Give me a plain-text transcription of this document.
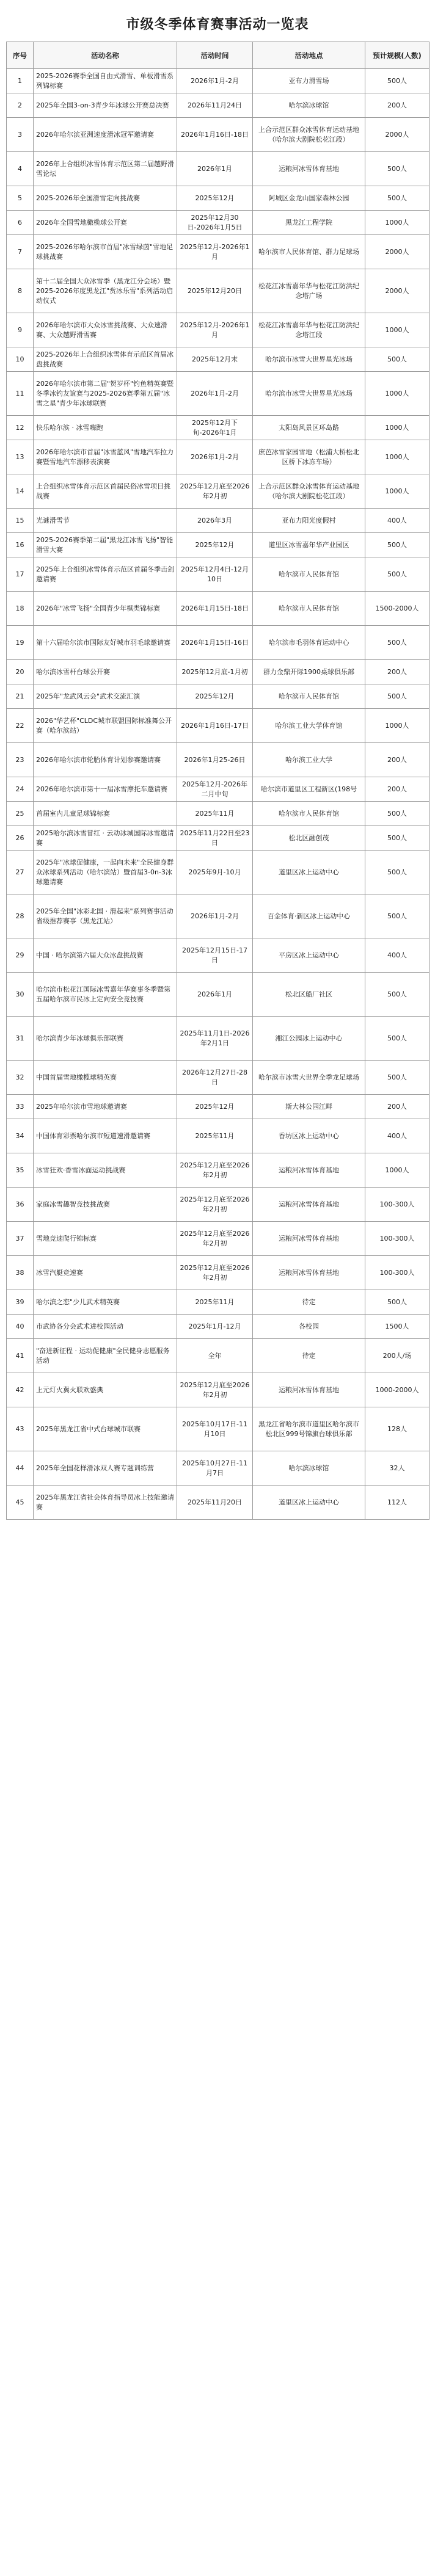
市级冬季体育赛事活动一览表
序号	活动名称	活动时间	活动地点	预计规模(人数)
1	2025-2026赛季全国自由式滑雪、单板滑雪系列锦标赛	2026年1月-2月	亚布力滑雪场	500人
2	2025年全国3-on-3青少年冰球公开赛总决赛	2026年11月24日	哈尔滨冰球馆	200人
3	2026年哈尔滨亚洲速度滑冰冠军邀请赛	2026年1月16日-18日	上合示范区群众冰雪体育运动基地（哈尔滨大剧院松花江段）	2000人
4	2026年上合组织冰雪体育示范区第二届越野滑雪论坛	2026年1月	运粮河冰雪体育基地	500人
5	2025-2026年全国滑雪定向挑战赛	2025年12月	阿城区金龙山国家森林公园	500人
6	2026年全国雪地橄榄球公开赛	2025年12月30日-2026年1月5日	黑龙江工程学院	1000人
7	2025-2026年哈尔滨市首届"冰雪绿茵"雪地足球挑战赛	2025年12月-2026年1月	哈尔滨市人民体育馆、群力足球场	2000人
8	第十二届全国大众冰雪季（黑龙江分会场）暨2025-2026年度黑龙江"赏冰乐雪"系列活动启动仪式	2025年12月20日	松花江冰雪嘉年华与松花江防洪纪念塔广场	2000人
9	2026年哈尔滨市大众冰雪挑战赛、大众速滑赛、大众越野滑雪赛	2025年12月-2026年1月	松花江冰雪嘉年华与松花江防洪纪念塔江段	1000人
10	2025-2026年上合组织冰雪体育示范区首届冰盘挑战赛	2025年12月末	哈尔滨市冰雪大世界星光冰场	500人
11	2026年哈尔滨市第二届"贺岁杯"钓鱼精英赛暨冬季冰钓友谊赛与2025-2026赛季第五届"冰雪之星"青少年冰球联赛	2026年1月-2月	哈尔滨市冰雪大世界星光冰场	1000人
12	快乐哈尔滨 · 冰雪嗨跑	2025年12月下旬-2026年1月	太阳岛风景区环岛路	1000人
13	2026年哈尔滨市首届"冰雪蓝风"雪地汽车拉力赛暨雪地汽车漂移表演赛	2026年1月-2月	庶芭冰雪家园雪地（松浦大桥松北区桥下冰冻车场）	1000人
14	上合组织冰雪体育示范区首届民俗冰雪项目挑战赛	2025年12月底至2026年2月初	上合示范区群众冰雪体育运动基地（哈尔滨大剧院松花江段）	1000人
15	光谜滑雪节	2026年3月	亚布力阳光度假村	400人
16	2025-2026赛季第二届"黑龙江冰雪飞扬"智能滑雪大赛	2025年12月	道里区冰雪嘉年华产业园区	500人
17	2025年上合组织冰雪体育示范区首届冬季击剑邀请赛	2025年12月4日-12月10日	哈尔滨市人民体育馆	500人
18	2026年"冰雪飞扬"全国青少年棋类锦标赛	2026年1月15日-18日	哈尔滨市人民体育馆	1500-2000人
19	第十六届哈尔滨市国际友好城市羽毛球邀请赛	2026年1月15日-16日	哈尔滨市毛羽体育运动中心	500人
20	哈尔滨冰雪杆台球公开赛	2025年12月底-1月初	群力金鼎开际1900桌球俱乐部	200人
21	2025年"龙武风云会"武术交流汇演	2025年12月	哈尔滨市人民体育馆	500人
22	2026"华艺杯"CLDC城市联盟国际标准舞公开赛（哈尔滨站）	2026年1月16日-17日	哈尔滨工业大学体育馆	1000人
23	2026年哈尔滨市轮胎体育计划参赛邀请赛	2026年1月25-26日	哈尔滨工业大学	200人
24	2026年哈尔滨市第十一届冰雪摩托车邀请赛	2025年12月-2026年二月中旬	哈尔滨市道里区工程新区(198号	200人
25	首届室内儿童足球锦标赛	2025年11月	哈尔滨市人民体育馆	500人
26	2025哈尔滨冰雪冒红 · 云动冰城国际冰雪邀请赛	2025年11月22日至23日	松北区融创茂	500人
27	2025年"冰球促健康，一起向未来"全民健身群众冰球系列活动（哈尔滨站）暨首届3-0n-3冰球邀请赛	2025年9月-10月	道里区冰上运动中心	500人
28	2025年全国"冰彩北国 · 滑起来"系列赛事活动省级推荐赛事（黑龙江站）	2026年1月-2月	百金体育·新区冰上运动中心	500人
29	中国 · 哈尔滨第六届大众冰盘挑战赛	2025年12月15日-17日	平房区冰上运动中心	400人
30	哈尔滨市松花江国际冰雪嘉年华赛事冬季暨第五届哈尔滨市民冰上定向安全竞技赛	2026年1月	松北区船厂社区	500人
31	哈尔滨青少年冰球俱乐部联赛	2025年11月1日-2026年2月1日	湘江公园冰上运动中心	500人
32	中国首届雪地橄榄球精英赛	2026年12月27日-28日	哈尔滨市冰雪大世界全季龙足球场	500人
33	2025年哈尔滨市雪地球邀请赛	2025年12月	斯大林公园江畔	200人
34	中国体育彩票哈尔滨市短道速滑邀请赛	2025年11月	香坊区冰上运动中心	400人
35	冰雪狂欢·香雪冰面运动挑战赛	2025年12月底至2026年2月初	运粮河冰雪体育基地	1000人
36	家庭冰雪趣智竞技挑战赛	2025年12月底至2026年2月初	运粮河冰雪体育基地	100-300人
37	雪地竞速爬行锦标赛	2025年12月底至2026年2月初	运粮河冰雪体育基地	100-300人
38	冰雪汽艇竞速赛	2025年12月底至2026年2月初	运粮河冰雪体育基地	100-300人
39	哈尔滨之恋"少儿武术精英赛	2025年11月	待定	500人
40	市武协各分会武术进校园活动	2025年1月-12月	各校园	1500人
41	"奋进新征程 · 运动促健康"全民健身志愿服务活动	全年	待定	200人/场
42	上元灯火冀火联欢盛典	2025年12月底至2026年2月初	运粮河冰雪体育基地	1000-2000人
43	2025年黑龙江省中式台球城市联赛	2025年10月17日-11月10日	黑龙江省哈尔滨市道里区哈尔滨市松北区999号锦旗台球俱乐部	128人
44	2025年全国花样滑冰双人赛专题训练营	2025年10月27日-11月7日	哈尔滨冰球馆	32人
45	2025年黑龙江省社会体育指导员冰上技能邀请赛	2025年11月20日	道里区冰上运动中心	112人
